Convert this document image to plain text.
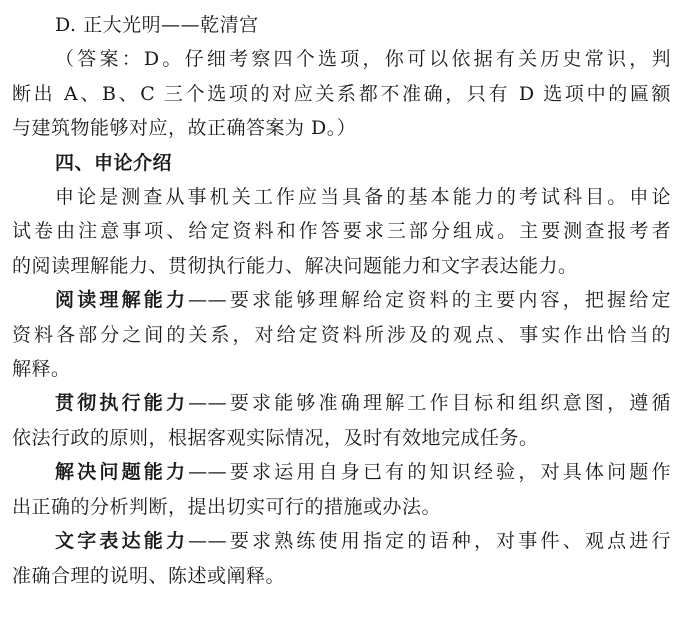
D. 正大光明——乾清宫
（答案：D。仔细考察四个选项，你可以依据有关历史常识，判
断出 A、B、C 三个选项的对应关系都不准确，只有 D 选项中的匾额
与建筑物能够对应，故正确答案为 D。）
四、申论介绍
申论是测查从事机关工作应当具备的基本能力的考试科目。申论
试卷由注意事项、给定资料和作答要求三部分组成。主要测查报考者
的阅读理解能力、贯彻执行能力、解决问题能力和文字表达能力。
阅读理解能力——要求能够理解给定资料的主要内容，把握给定
资料各部分之间的关系，对给定资料所涉及的观点、事实作出恰当的
解释。
贯彻执行能力——要求能够准确理解工作目标和组织意图，遵循
依法行政的原则，根据客观实际情况，及时有效地完成任务。
解决问题能力——要求运用自身已有的知识经验，对具体问题作
出正确的分析判断，提出切实可行的措施或办法。
文字表达能力——要求熟练使用指定的语种，对事件、观点进行
准确合理的说明、陈述或阐释。
